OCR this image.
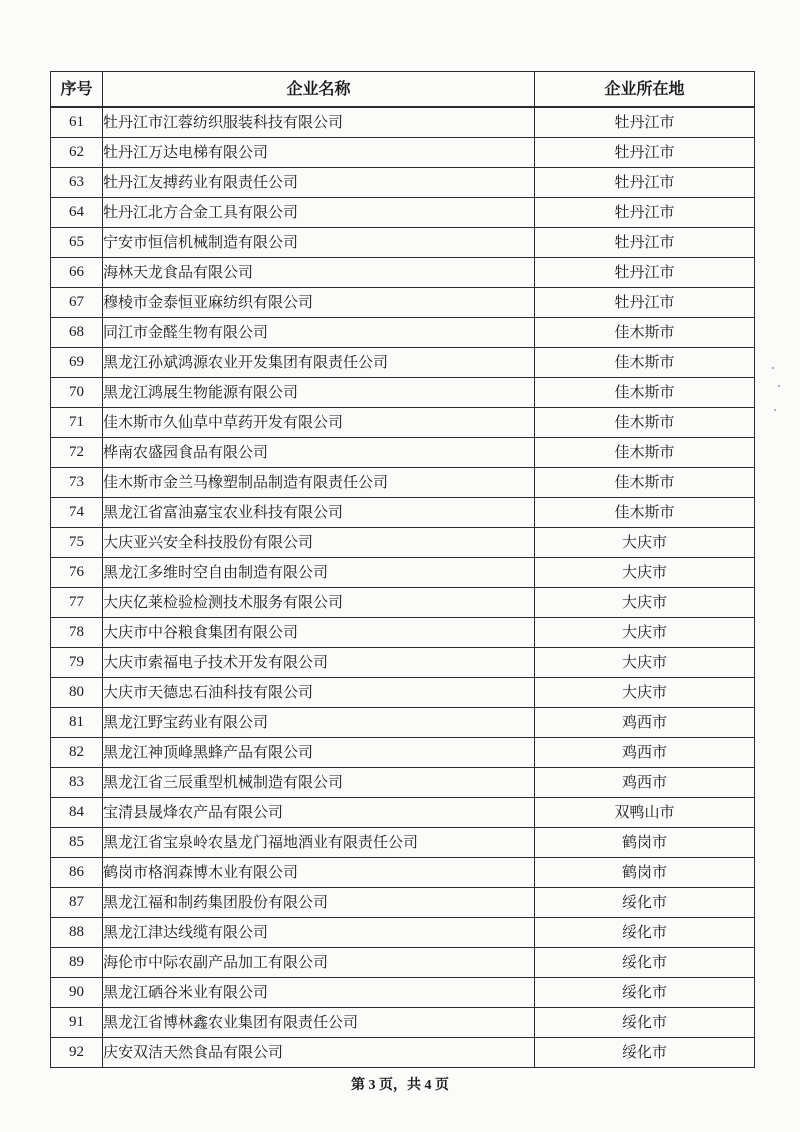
序号	企业名称	企业所在地
61	牡丹江市江蓉纺织服装科技有限公司	牡丹江市
62	牡丹江万达电梯有限公司	牡丹江市
63	牡丹江友搏药业有限责任公司	牡丹江市
64	牡丹江北方合金工具有限公司	牡丹江市
65	宁安市恒信机械制造有限公司	牡丹江市
66	海林天龙食品有限公司	牡丹江市
67	穆棱市金泰恒亚麻纺织有限公司	牡丹江市
68	同江市金醛生物有限公司	佳木斯市
69	黑龙江孙斌鸿源农业开发集团有限责任公司	佳木斯市
70	黑龙江鸿展生物能源有限公司	佳木斯市
71	佳木斯市久仙草中草药开发有限公司	佳木斯市
72	桦南农盛园食品有限公司	佳木斯市
73	佳木斯市金兰马橡塑制品制造有限责任公司	佳木斯市
74	黑龙江省富油嘉宝农业科技有限公司	佳木斯市
75	大庆亚兴安全科技股份有限公司	大庆市
76	黑龙江多维时空自由制造有限公司	大庆市
77	大庆亿莱检验检测技术服务有限公司	大庆市
78	大庆市中谷粮食集团有限公司	大庆市
79	大庆市索福电子技术开发有限公司	大庆市
80	大庆市天德忠石油科技有限公司	大庆市
81	黑龙江野宝药业有限公司	鸡西市
82	黑龙江神顶峰黑蜂产品有限公司	鸡西市
83	黑龙江省三辰重型机械制造有限公司	鸡西市
84	宝清县晟烽农产品有限公司	双鸭山市
85	黑龙江省宝泉岭农垦龙门福地酒业有限责任公司	鹤岗市
86	鹤岗市格润森博木业有限公司	鹤岗市
87	黑龙江福和制药集团股份有限公司	绥化市
88	黑龙江津达线缆有限公司	绥化市
89	海伦市中际农副产品加工有限公司	绥化市
90	黑龙江硒谷米业有限公司	绥化市
91	黑龙江省博林鑫农业集团有限责任公司	绥化市
92	庆安双洁天然食品有限公司	绥化市
第 3 页，共 4 页
